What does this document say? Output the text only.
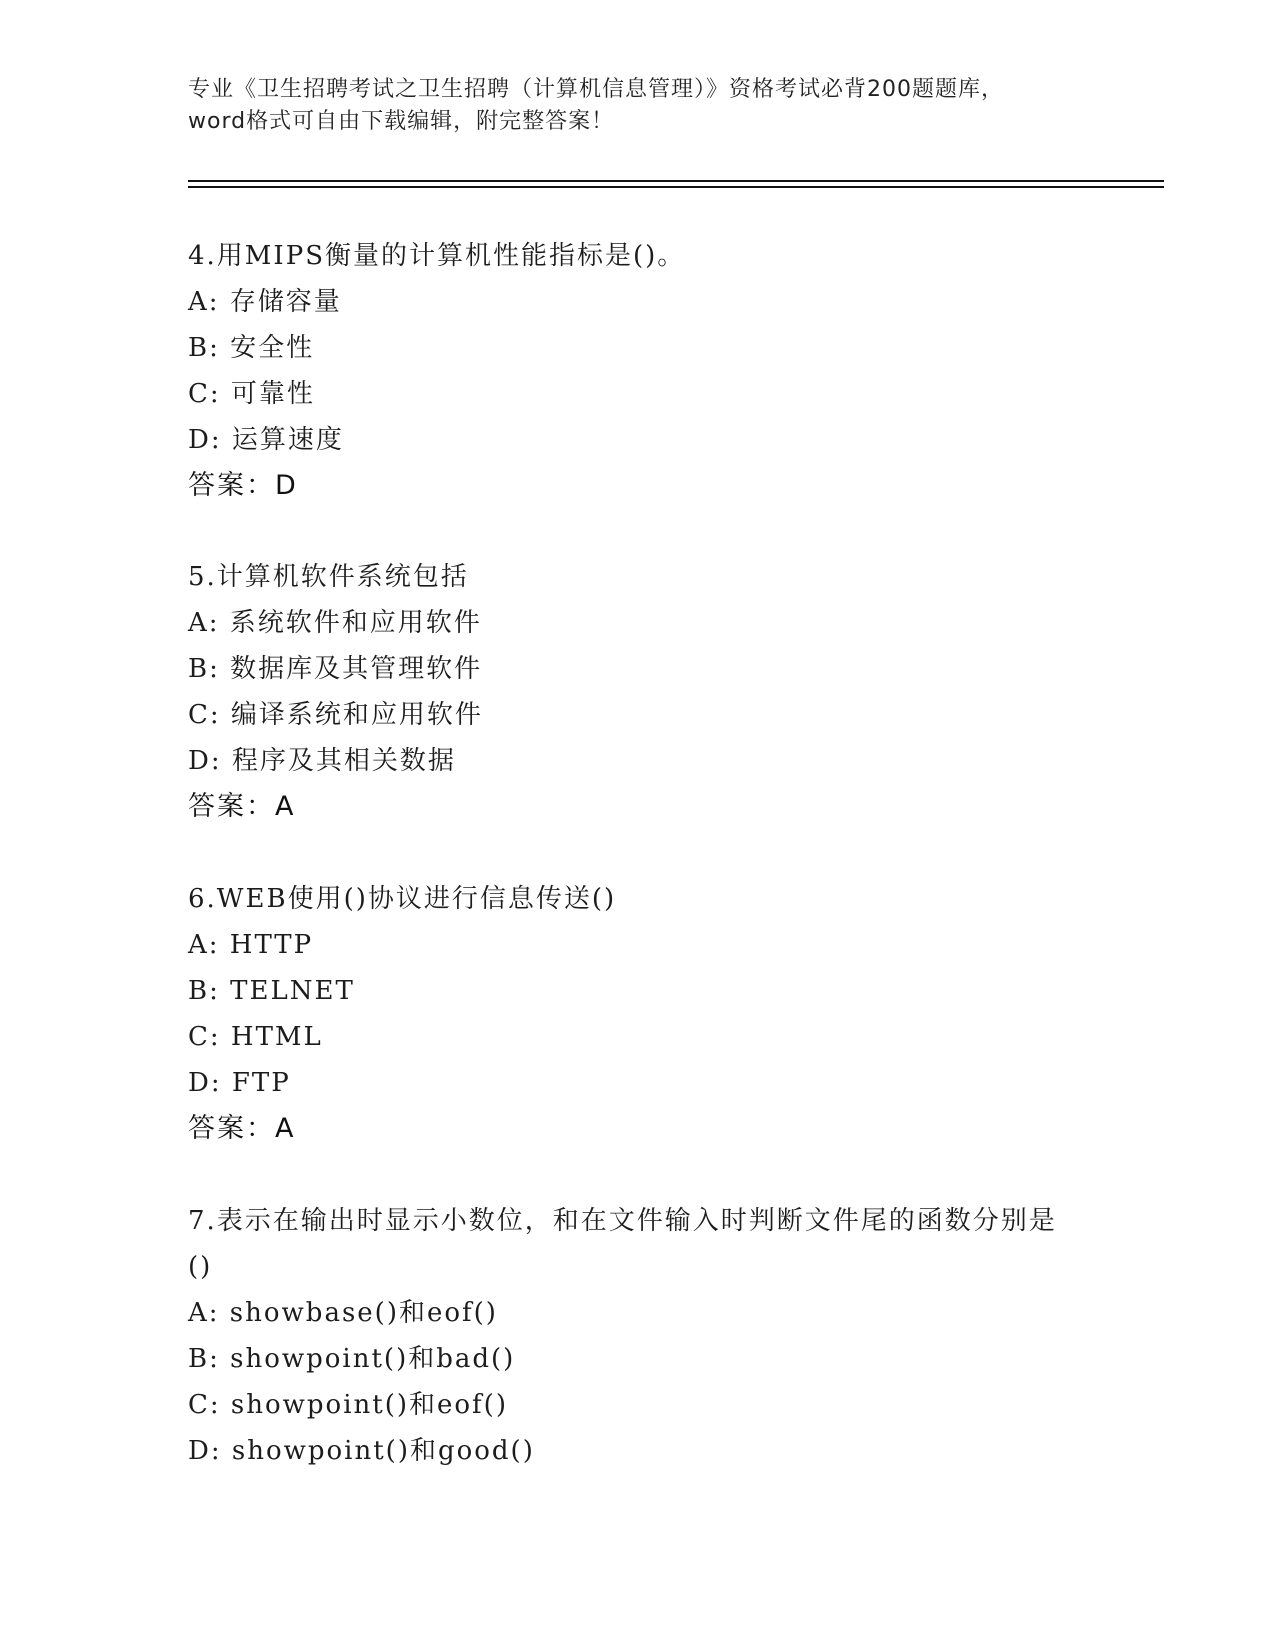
专业《卫生招聘考试之卫生招聘（计算机信息管理）》资格考试必背200题题库，
word格式可自由下载编辑，附完整答案！
4.用MIPS衡量的计算机性能指标是()。
A: 存储容量
B: 安全性
C: 可靠性
D: 运算速度
答案：D
5.计算机软件系统包括
A: 系统软件和应用软件
B: 数据库及其管理软件
C: 编译系统和应用软件
D: 程序及其相关数据
答案：A
6.WEB使用()协议进行信息传送()
A: HTTP
B: TELNET
C: HTML
D: FTP
答案：A
7.表示在输出时显示小数位，和在文件输入时判断文件尾的函数分别是()
A: showbase()和eof()
B: showpoint()和bad()
C: showpoint()和eof()
D: showpoint()和good()
